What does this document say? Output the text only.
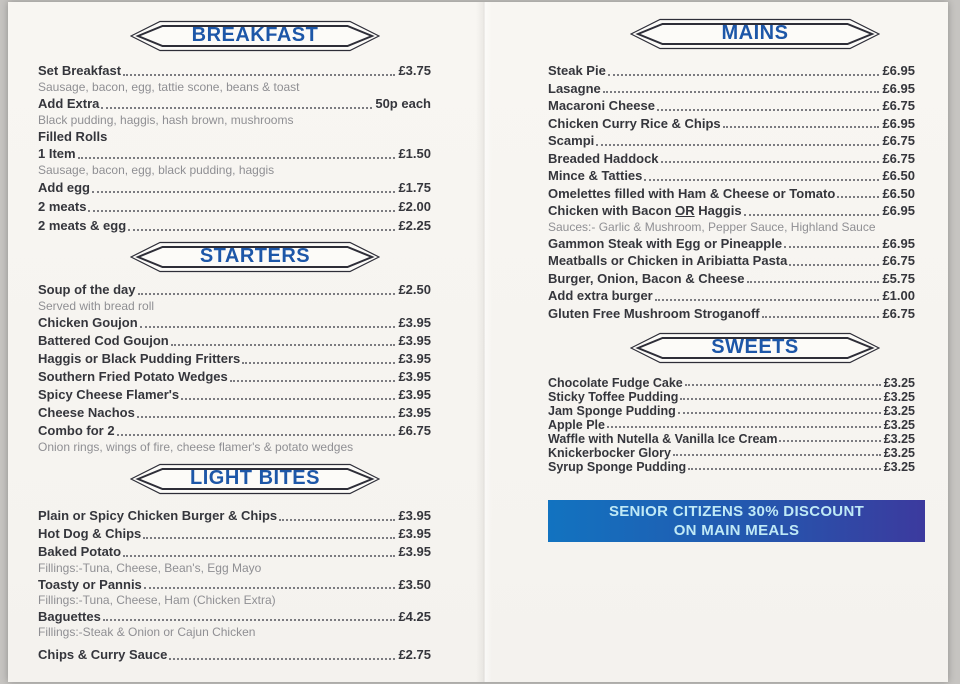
BREAKFAST
Set Breakfast	£3.75
Sausage, bacon, egg, tattie scone, beans & toast
Add Extra	50p each
Black pudding, haggis, hash brown, mushrooms
Filled Rolls
1 Item	£1.50
Sausage, bacon, egg, black pudding, haggis
Add egg	£1.75
2 meats	£2.00
2 meats & egg	£2.25
STARTERS
Soup of the day	£2.50
Served with bread roll
Chicken Goujon	£3.95
Battered Cod Goujon	£3.95
Haggis or Black Pudding Fritters	£3.95
Southern Fried Potato Wedges	£3.95
Spicy Cheese Flamer's	£3.95
Cheese Nachos	£3.95
Combo for 2	£6.75
Onion rings, wings of fire, cheese flamer's & potato wedges
LIGHT BITES
Plain or Spicy Chicken Burger & Chips	£3.95
Hot Dog & Chips	£3.95
Baked Potato	£3.95
Fillings:-Tuna, Cheese, Bean's, Egg Mayo
Toasty or Pannis	£3.50
Fillings:-Tuna, Cheese, Ham (Chicken Extra)
Baguettes	£4.25
Fillings:-Steak & Onion or Cajun Chicken
Chips & Curry Sauce	£2.75
MAINS
Steak Pie	£6.95
Lasagne	£6.95
Macaroni Cheese	£6.75
Chicken Curry Rice & Chips	£6.95
Scampi	£6.75
Breaded Haddock	£6.75
Mince & Tatties	£6.50
Omelettes filled with Ham & Cheese or Tomato	£6.50
Chicken with Bacon OR Haggis	£6.95
Sauces:- Garlic & Mushroom, Pepper Sauce, Highland Sauce
Gammon Steak with Egg or Pineapple	£6.95
Meatballs or Chicken in Aribiatta Pasta	£6.75
Burger, Onion, Bacon & Cheese	£5.75
Add extra burger	£1.00
Gluten Free Mushroom Stroganoff	£6.75
SWEETS
Chocolate Fudge Cake	£3.25
Sticky Toffee Pudding	£3.25
Jam Sponge Pudding	£3.25
Apple Ple	£3.25
Waffle with Nutella & Vanilla Ice Cream	£3.25
Knickerbocker Glory	£3.25
Syrup Sponge Pudding	£3.25
SENIOR CITIZENS 30% DISCOUNT
ON MAIN MEALS
